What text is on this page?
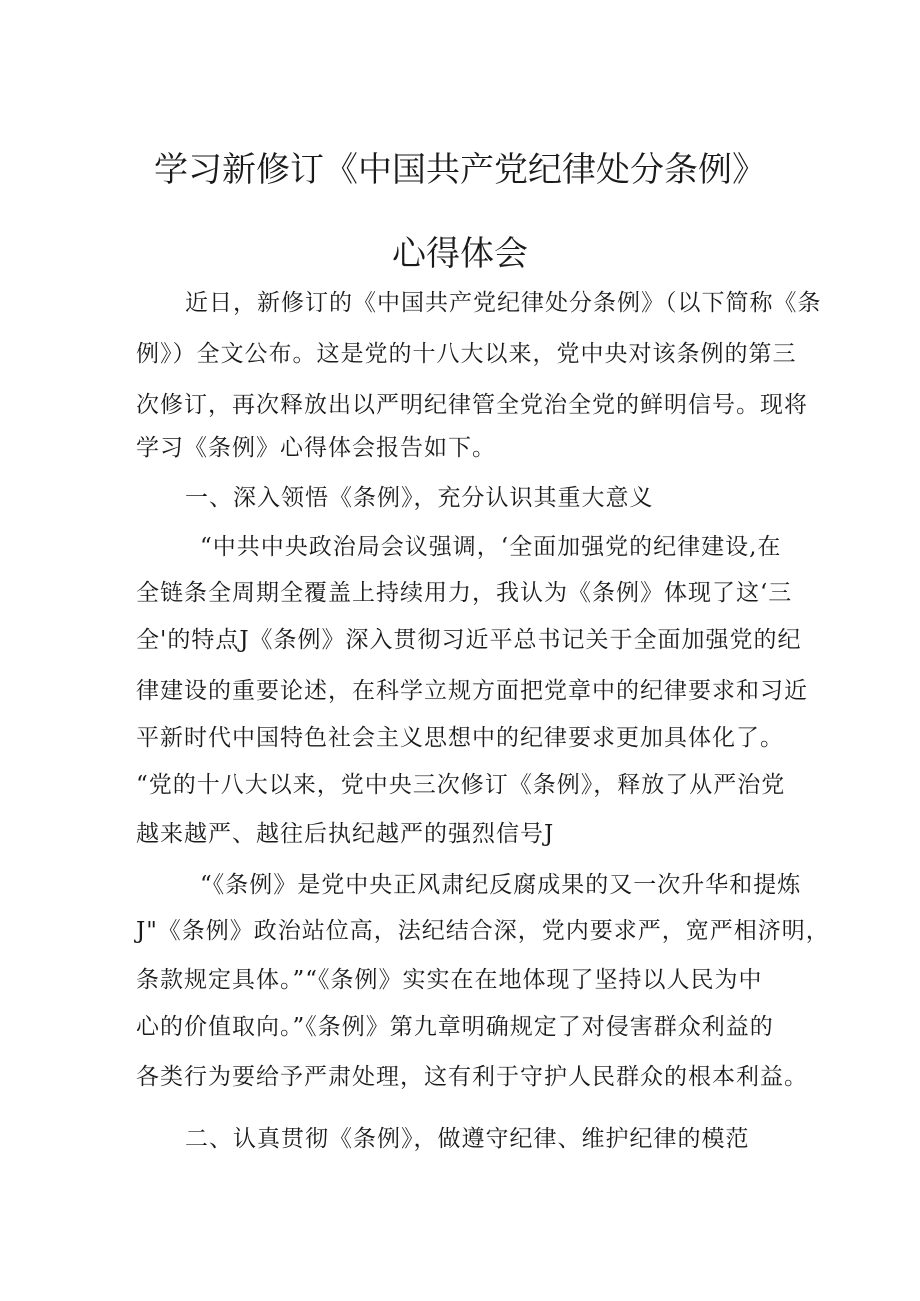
学习新修订《中国共产党纪律处分条例》
心得体会
近日，新修订的《中国共产党纪律处分条例》（以下简称《条
例》）全文公布。这是党的十八大以来，党中央对该条例的第三
次修订，再次释放出以严明纪律管全党治全党的鲜明信号。现将
学习《条例》心得体会报告如下。
一、深入领悟《条例》，充分认识其重大意义
“中共中央政治局会议强调，‘全面加强党的纪律建设,在
全链条全周期全覆盖上持续用力，我认为《条例》体现了这‘三
全'的特点J《条例》深入贯彻习近平总书记关于全面加强党的纪
律建设的重要论述，在科学立规方面把党章中的纪律要求和习近
平新时代中国特色社会主义思想中的纪律要求更加具体化了。
“党的十八大以来，党中央三次修订《条例》，释放了从严治党
越来越严、越往后执纪越严的强烈信号J
“《条例》是党中央正风肃纪反腐成果的又一次升华和提炼
J"《条例》政治站位高，法纪结合深，党内要求严，宽严相济明，
条款规定具体。”“《条例》实实在在地体现了坚持以人民为中
心的价值取向。”《条例》第九章明确规定了对侵害群众利益的
各类行为要给予严肃处理，这有利于守护人民群众的根本利益。
二、认真贯彻《条例》，做遵守纪律、维护纪律的模范
